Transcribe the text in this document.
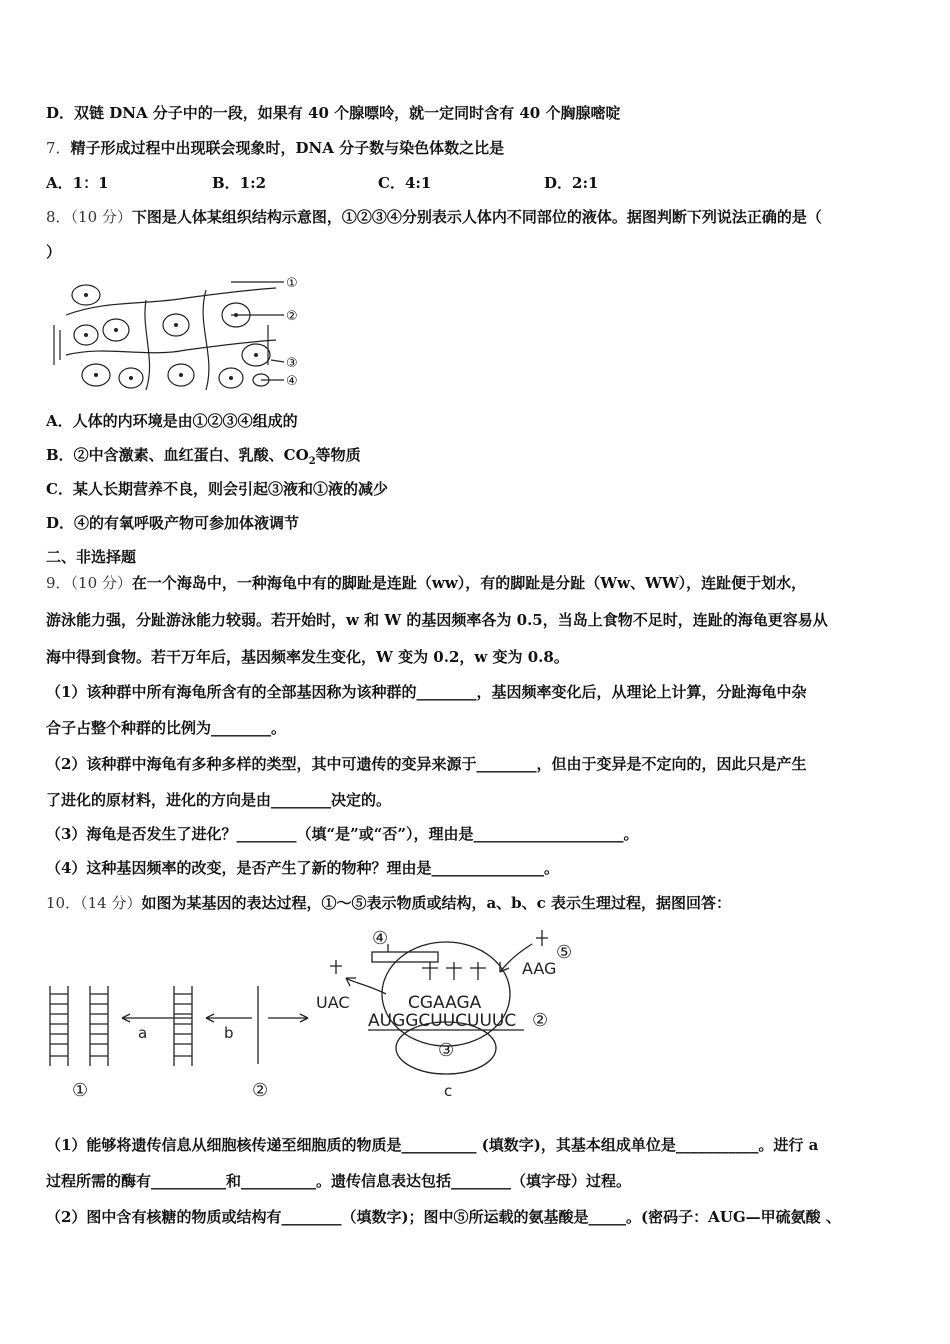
D．双链 DNA 分子中的一段，如果有 40 个腺嘌呤，就一定同时含有 40 个胸腺嘧啶
7．精子形成过程中出现联会现象时，DNA 分子数与染色体数之比是
A．1：1	B．1:2	C．4:1	D．2:1
8．（10 分）下图是人体某组织结构示意图，①②③④分别表示人体内不同部位的液体。据图判断下列说法正确的是（
）
①
②
③
④
A．人体的内环境是由①②③④组成的
B．②中含激素、血红蛋白、乳酸、$CO_2$等物质
C．某人长期营养不良，则会引起③液和①液的减少
D．④的有氧呼吸产物可参加体液调节
二、非选择题
9．（10 分）在一个海岛中，一种海龟中有的脚趾是连趾（ww），有的脚趾是分趾（Ww、WW），连趾便于划水，
游泳能力强，分趾游泳能力较弱。若开始时，w 和 W 的基因频率各为 0.5，当岛上食物不足时，连趾的海龟更容易从
海中得到食物。若干万年后，基因频率发生变化，W 变为 0.2，w 变为 0.8。
（1）该种群中所有海龟所含有的全部基因称为该种群的________，基因频率变化后，从理论上计算，分趾海龟中杂
合子占整个种群的比例为________。
（2）该种群中海龟有多种多样的类型，其中可遗传的变异来源于________，但由于变异是不定向的，因此只是产生
了进化的原材料，进化的方向是由________决定的。
（3）海龟是否发生了进化？________（填“是”或“否”），理由是____________________。
（4）这种基因频率的改变，是否产生了新的物种？理由是_______________。
10．（14 分）如图为某基因的表达过程，①～⑤表示物质或结构，a、b、c 表示生理过程，据图回答：
④
⑤
AAG
UAC	CGAAGA
AUGGCUUCUUUC ②
③
c
a	b
①	②
（1）能够将遗传信息从细胞核传递至细胞质的物质是__________ (填数字)，其基本组成单位是___________。进行 a
过程所需的酶有__________和__________。遗传信息表达包括________（填字母）过程。
（2）图中含有核糖的物质或结构有________（填数字)；图中⑤所运载的氨基酸是_____。(密码子：AUG—甲硫氨酸 、
